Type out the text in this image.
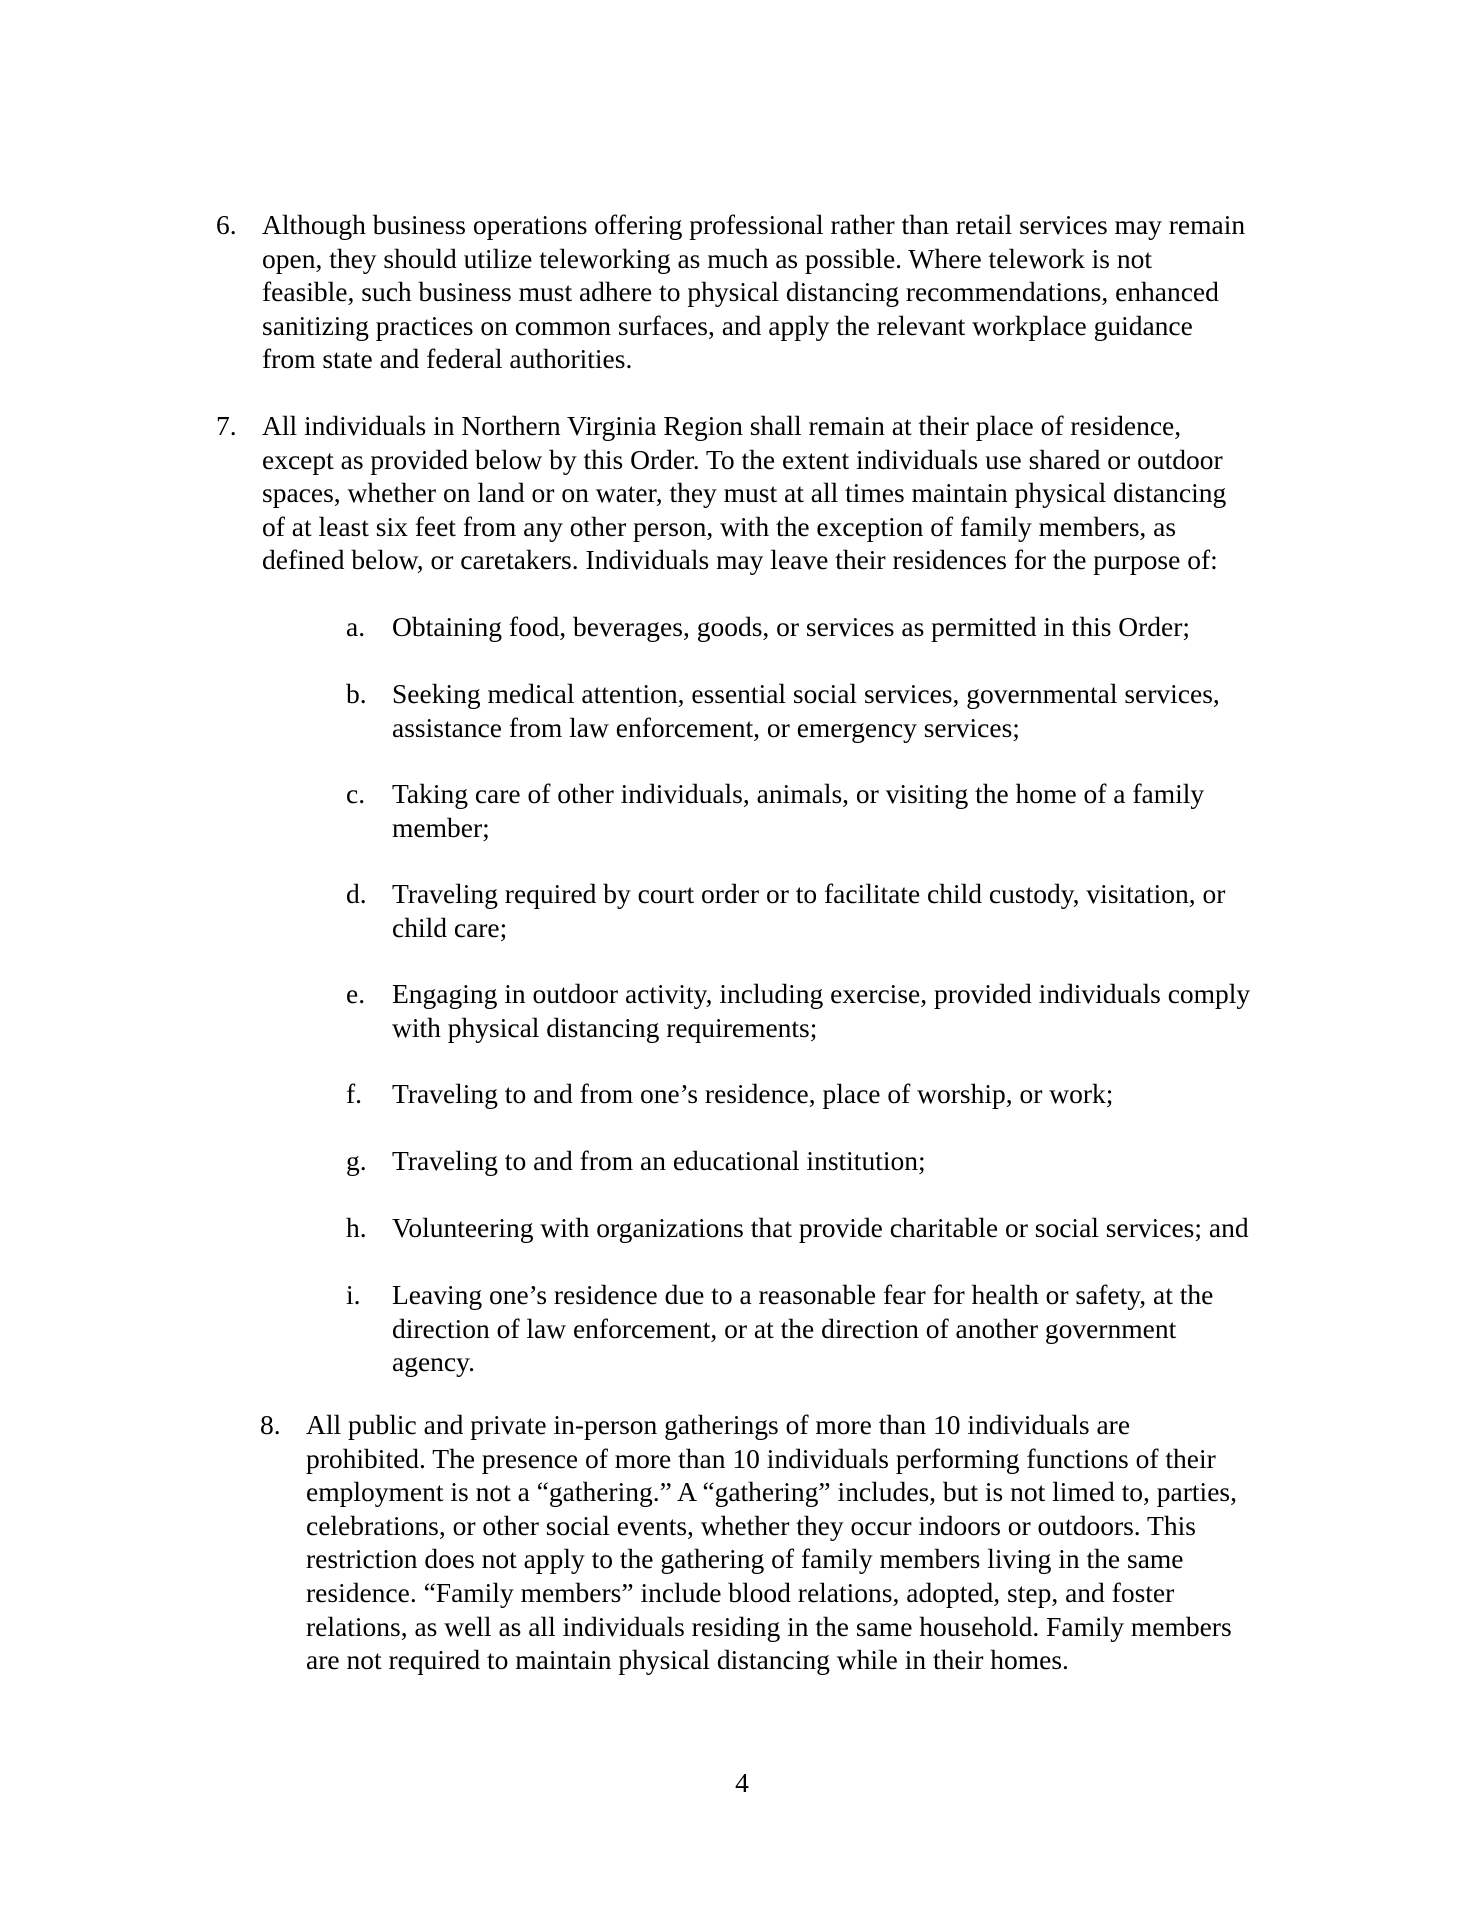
6. Although business operations offering professional rather than retail services may remain
open, they should utilize teleworking as much as possible. Where telework is not
feasible, such business must adhere to physical distancing recommendations, enhanced
sanitizing practices on common surfaces, and apply the relevant workplace guidance
from state and federal authorities.
7. All individuals in Northern Virginia Region shall remain at their place of residence,
except as provided below by this Order. To the extent individuals use shared or outdoor
spaces, whether on land or on water, they must at all times maintain physical distancing
of at least six feet from any other person, with the exception of family members, as
defined below, or caretakers. Individuals may leave their residences for the purpose of:
a. Obtaining food, beverages, goods, or services as permitted in this Order;
b. Seeking medical attention, essential social services, governmental services,
assistance from law enforcement, or emergency services;
c. Taking care of other individuals, animals, or visiting the home of a family
member;
d. Traveling required by court order or to facilitate child custody, visitation, or
child care;
e. Engaging in outdoor activity, including exercise, provided individuals comply
with physical distancing requirements;
f. Traveling to and from one’s residence, place of worship, or work;
g. Traveling to and from an educational institution;
h. Volunteering with organizations that provide charitable or social services; and
i. Leaving one’s residence due to a reasonable fear for health or safety, at the
direction of law enforcement, or at the direction of another government
agency.
8. All public and private in-person gatherings of more than 10 individuals are
prohibited. The presence of more than 10 individuals performing functions of their
employment is not a “gathering.” A “gathering” includes, but is not limed to, parties,
celebrations, or other social events, whether they occur indoors or outdoors. This
restriction does not apply to the gathering of family members living in the same
residence. “Family members” include blood relations, adopted, step, and foster
relations, as well as all individuals residing in the same household. Family members
are not required to maintain physical distancing while in their homes.
4
